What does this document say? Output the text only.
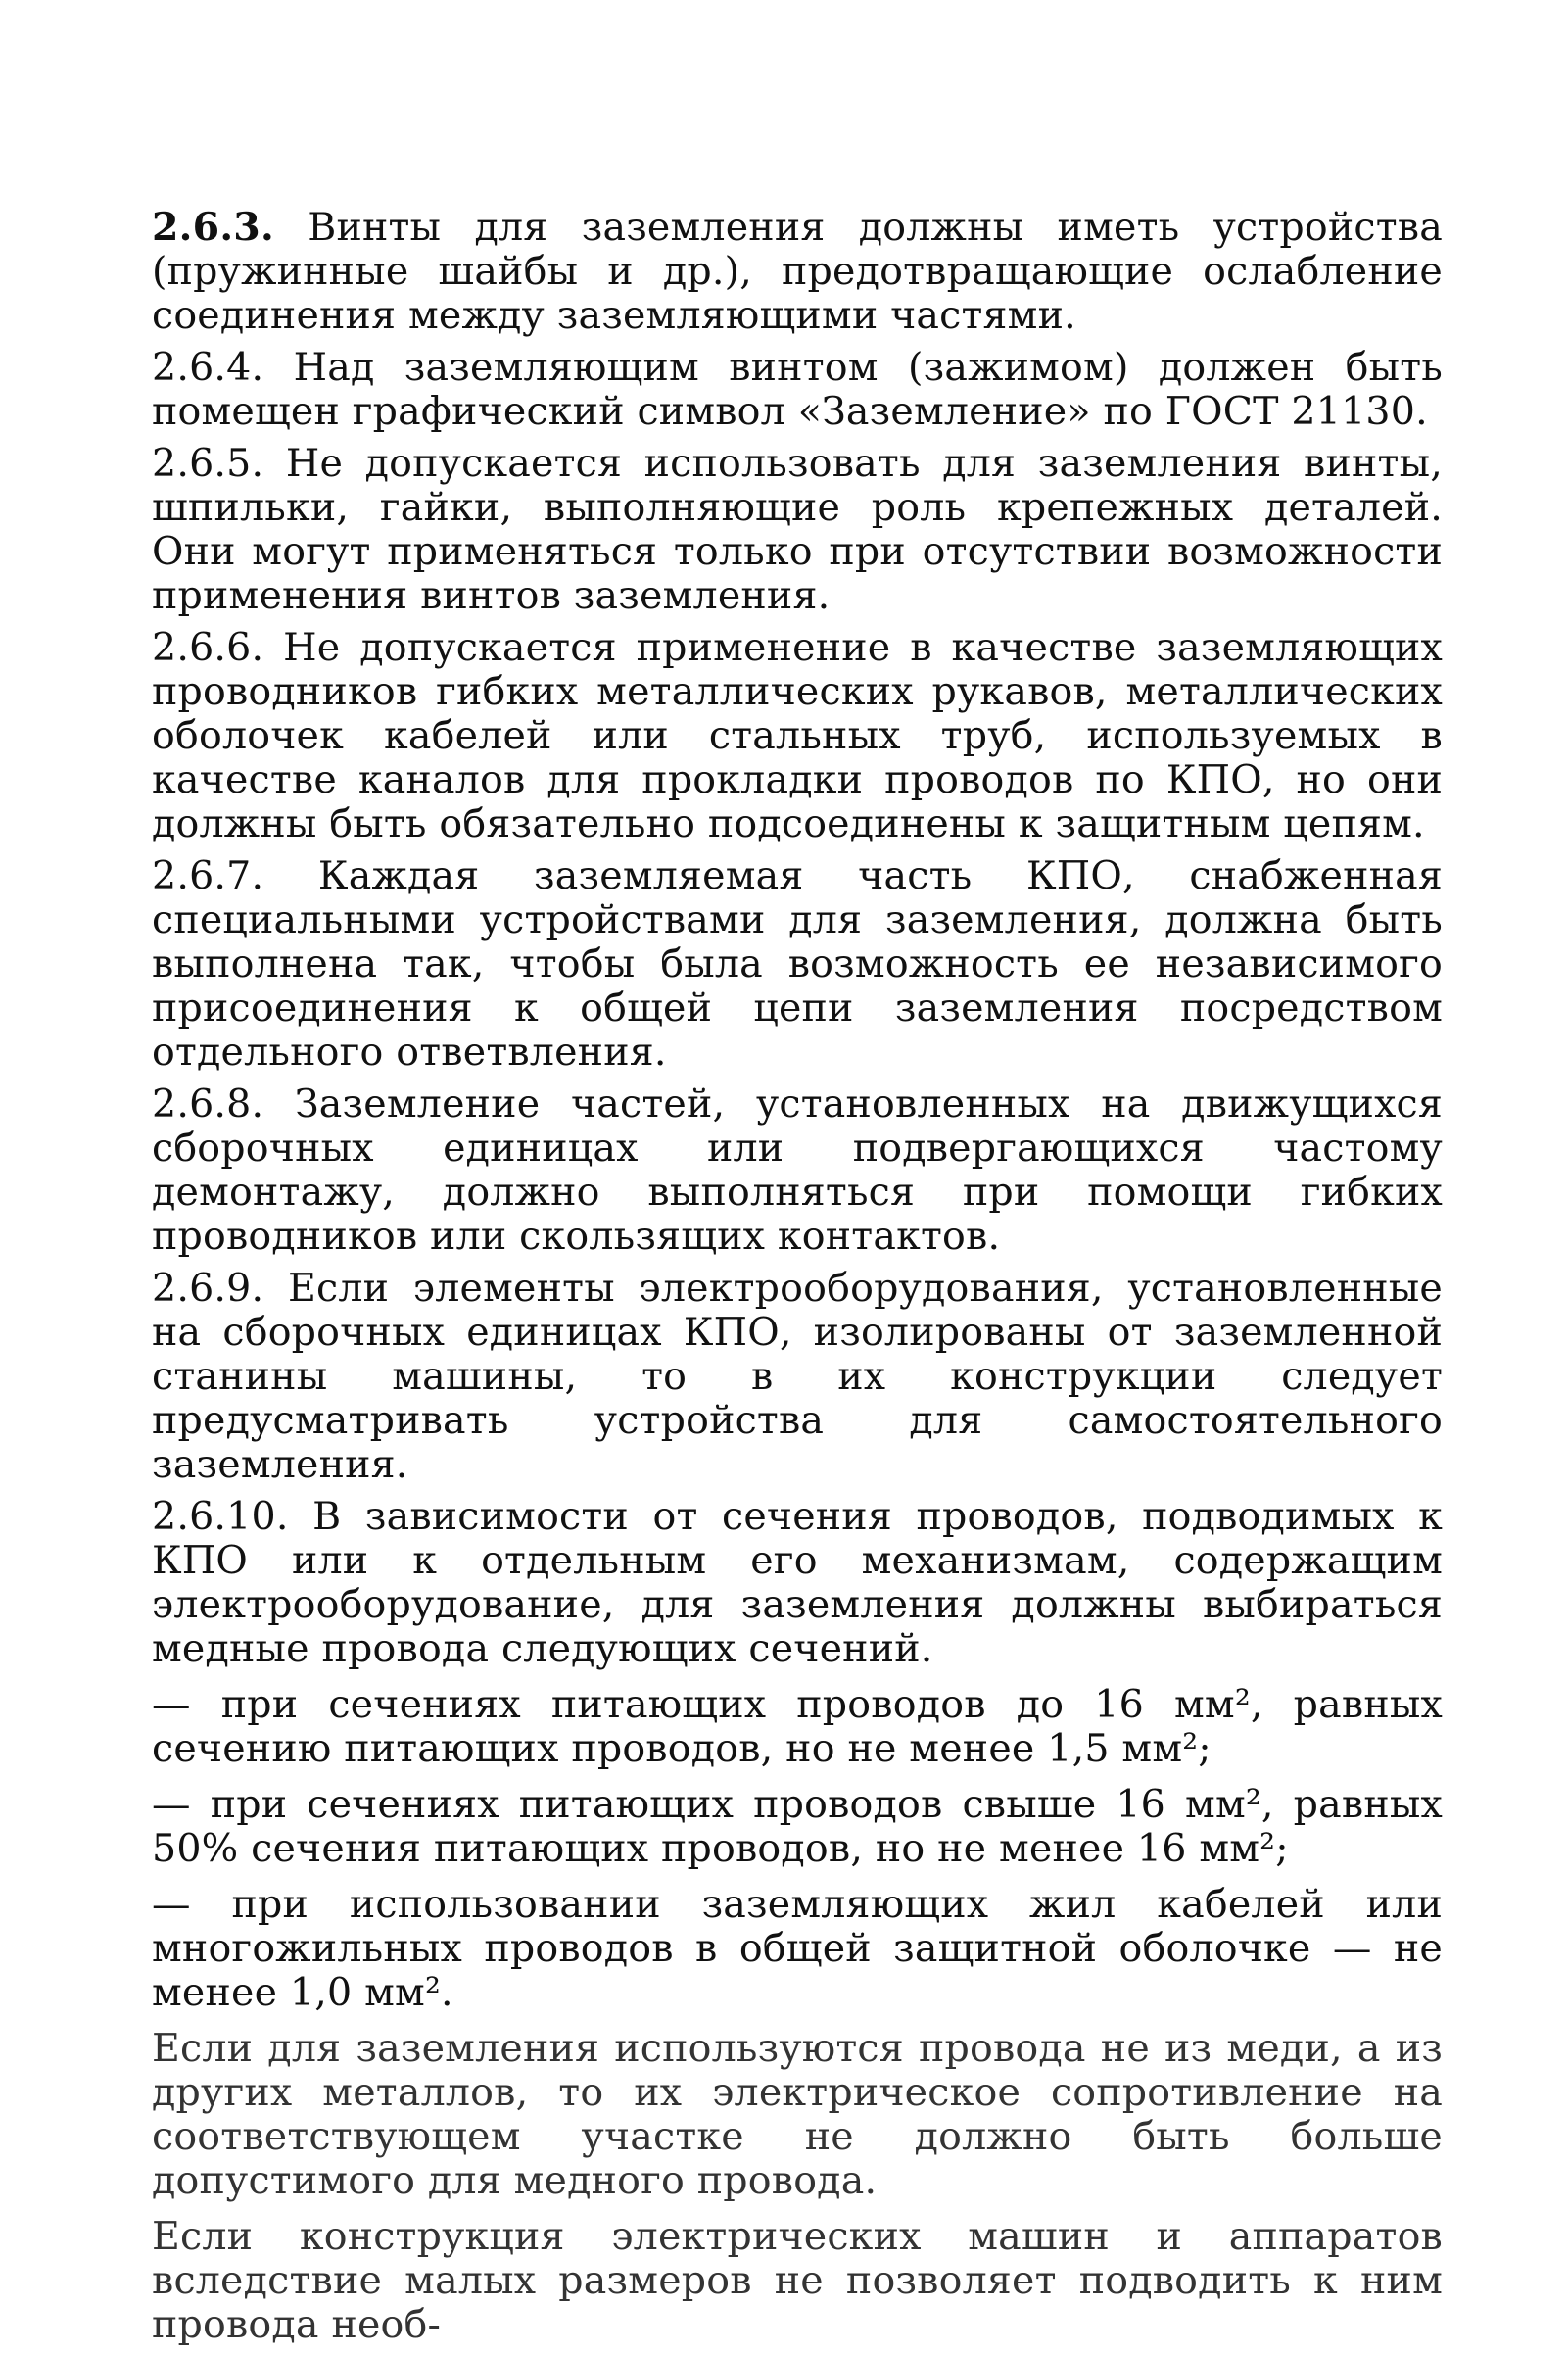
2.6.3. Винты для заземления должны иметь устройства (пружинные шайбы и др.), предотвращающие ослабление соединения между заземляющими частями.

2.6.4. Над заземляющим винтом (зажимом) должен быть помещен графический символ «Заземление» по ГОСТ 21130.

2.6.5. Не допускается использовать для заземления винты, шпильки, гайки, выполняющие роль крепежных деталей. Они могут применяться только при отсутствии возможности применения винтов заземления.

2.6.6. Не допускается применение в качестве заземляющих проводников гибких металлических рукавов, металлических оболочек кабелей или стальных труб, используемых в качестве каналов для прокладки проводов по КПО, но они должны быть обязательно подсоединены к защитным цепям.

2.6.7. Каждая заземляемая часть КПО, снабженная специальными устройствами для заземления, должна быть выполнена так, чтобы была возможность ее независимого присоединения к общей цепи заземления посредством отдельного ответвления.

2.6.8. Заземление частей, установленных на движущихся сборочных единицах или подвергающихся частому демонтажу, должно выполняться при помощи гибких проводников или скользящих контактов.

2.6.9. Если элементы электрооборудования, установленные на сборочных единицах КПО, изолированы от заземленной станины машины, то в их конструкции следует предусматривать устройства для самостоятельного заземления.

2.6.10. В зависимости от сечения проводов, подводимых к КПО или к отдельным его механизмам, содержащим электрооборудование, для заземления должны выбираться медные провода следующих сечений.

— при сечениях питающих проводов до 16 мм², равных сечению питающих проводов, но не менее 1,5 мм²;

— при сечениях питающих проводов свыше 16 мм², равных 50% сечения питающих проводов, но не менее 16 мм²;

— при использовании заземляющих жил кабелей или многожильных проводов в общей защитной оболочке — не менее 1,0 мм².

Если для заземления используются провода не из меди, а из других металлов, то их электрическое сопротивление на соответствующем участке не должно быть больше допустимого для медного провода.

Если конструкция электрических машин и аппаратов вследствие малых размеров не позволяет подводить к ним провода необ-
